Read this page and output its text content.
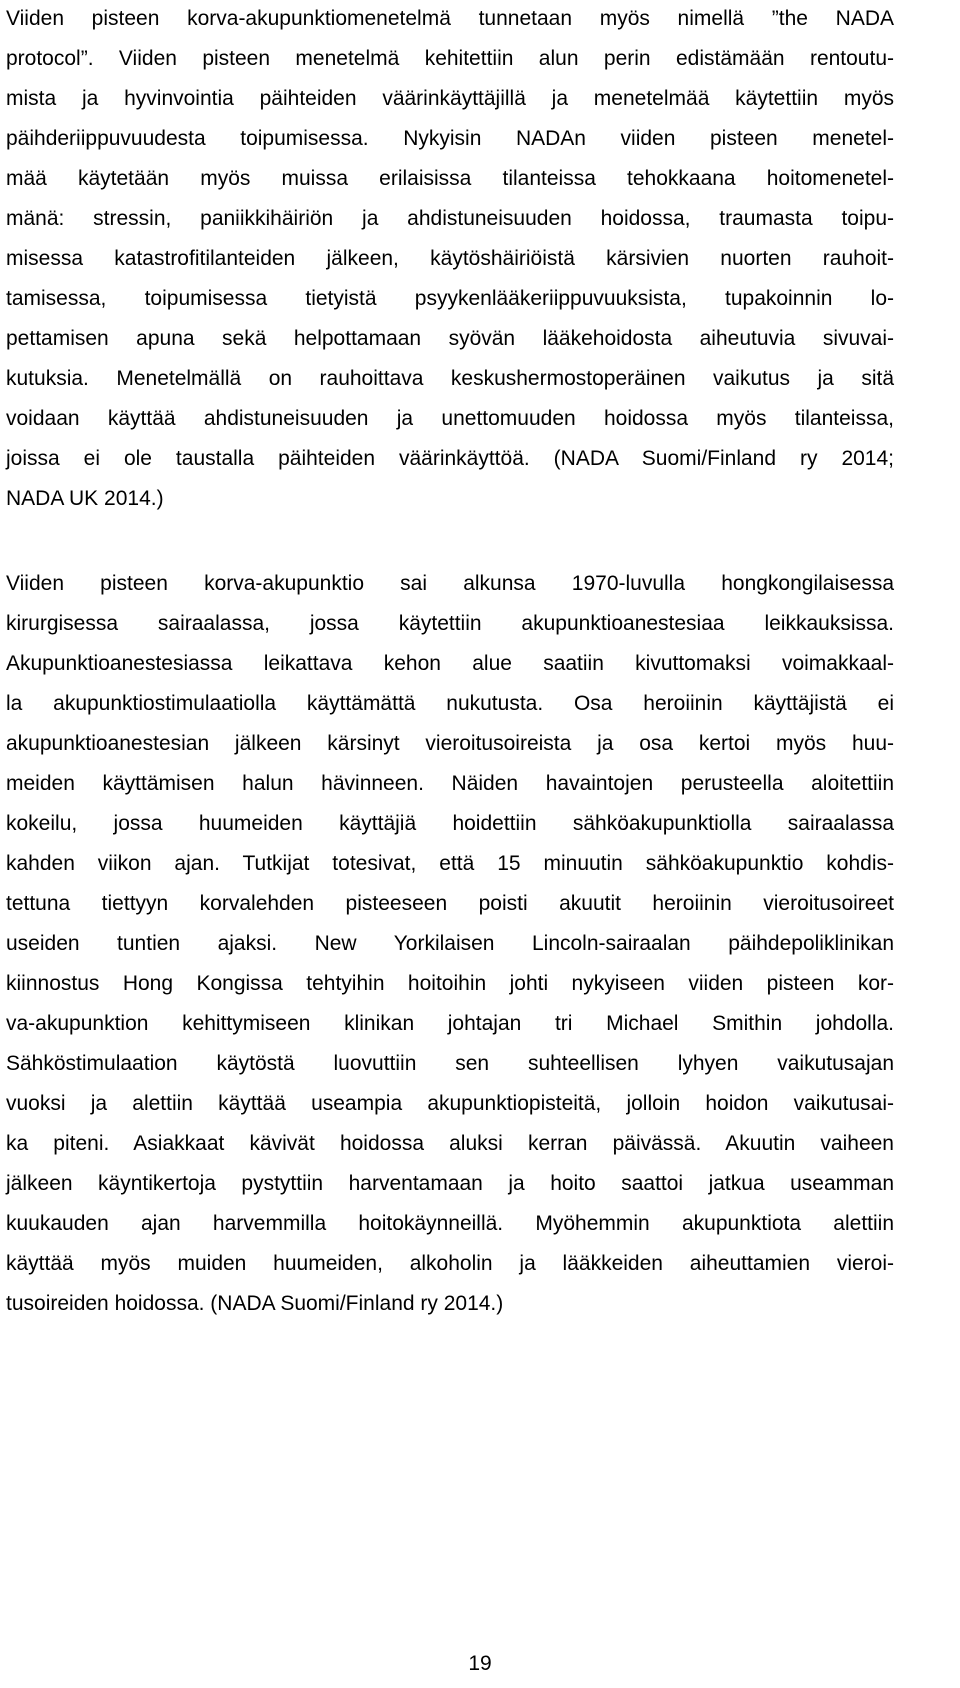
Viiden pisteen korva-akupunktiomenetelmä tunnetaan myös nimellä ”the NADA
protocol”. Viiden pisteen menetelmä kehitettiin alun perin edistämään rentoutu-
mista ja hyvinvointia päihteiden väärinkäyttäjillä ja menetelmää käytettiin myös
päihderiippuvuudesta toipumisessa. Nykyisin NADAn viiden pisteen menetel-
mää käytetään myös muissa erilaisissa tilanteissa tehokkaana hoitomenetel-
mänä: stressin, paniikkihäiriön ja ahdistuneisuuden hoidossa, traumasta toipu-
misessa katastrofitilanteiden jälkeen, käytöshäiriöistä kärsivien nuorten rauhoit-
tamisessa, toipumisessa tietyistä psyykenlääkeriippuvuuksista, tupakoinnin lo-
pettamisen apuna sekä helpottamaan syövän lääkehoidosta aiheutuvia sivuvai-
kutuksia. Menetelmällä on rauhoittava keskushermostoperäinen vaikutus ja sitä
voidaan käyttää ahdistuneisuuden ja unettomuuden hoidossa myös tilanteissa,
joissa ei ole taustalla päihteiden väärinkäyttöä. (NADA Suomi/Finland ry 2014;
NADA UK 2014.)
Viiden pisteen korva-akupunktio sai alkunsa 1970-luvulla hongkongilaisessa
kirurgisessa sairaalassa, jossa käytettiin akupunktioanestesiaa leikkauksissa.
Akupunktioanestesiassa leikattava kehon alue saatiin kivuttomaksi voimakkaal-
la akupunktiostimulaatiolla käyttämättä nukutusta. Osa heroiinin käyttäjistä ei
akupunktioanestesian jälkeen kärsinyt vieroitusoireista ja osa kertoi myös huu-
meiden käyttämisen halun hävinneen. Näiden havaintojen perusteella aloitettiin
kokeilu, jossa huumeiden käyttäjiä hoidettiin sähköakupunktiolla sairaalassa
kahden viikon ajan. Tutkijat totesivat, että 15 minuutin sähköakupunktio kohdis-
tettuna tiettyyn korvalehden pisteeseen poisti akuutit heroiinin vieroitusoireet
useiden tuntien ajaksi. New Yorkilaisen Lincoln-sairaalan päihdepoliklinikan
kiinnostus Hong Kongissa tehtyihin hoitoihin johti nykyiseen viiden pisteen kor-
va-akupunktion kehittymiseen klinikan johtajan tri Michael Smithin johdolla.
Sähköstimulaation käytöstä luovuttiin sen suhteellisen lyhyen vaikutusajan
vuoksi ja alettiin käyttää useampia akupunktiopisteitä, jolloin hoidon vaikutusai-
ka piteni. Asiakkaat kävivät hoidossa aluksi kerran päivässä. Akuutin vaiheen
jälkeen käyntikertoja pystyttiin harventamaan ja hoito saattoi jatkua useamman
kuukauden ajan harvemmilla hoitokäynneillä. Myöhemmin akupunktiota alettiin
käyttää myös muiden huumeiden, alkoholin ja lääkkeiden aiheuttamien vieroi-
tusoireiden hoidossa. (NADA Suomi/Finland ry 2014.)
19
